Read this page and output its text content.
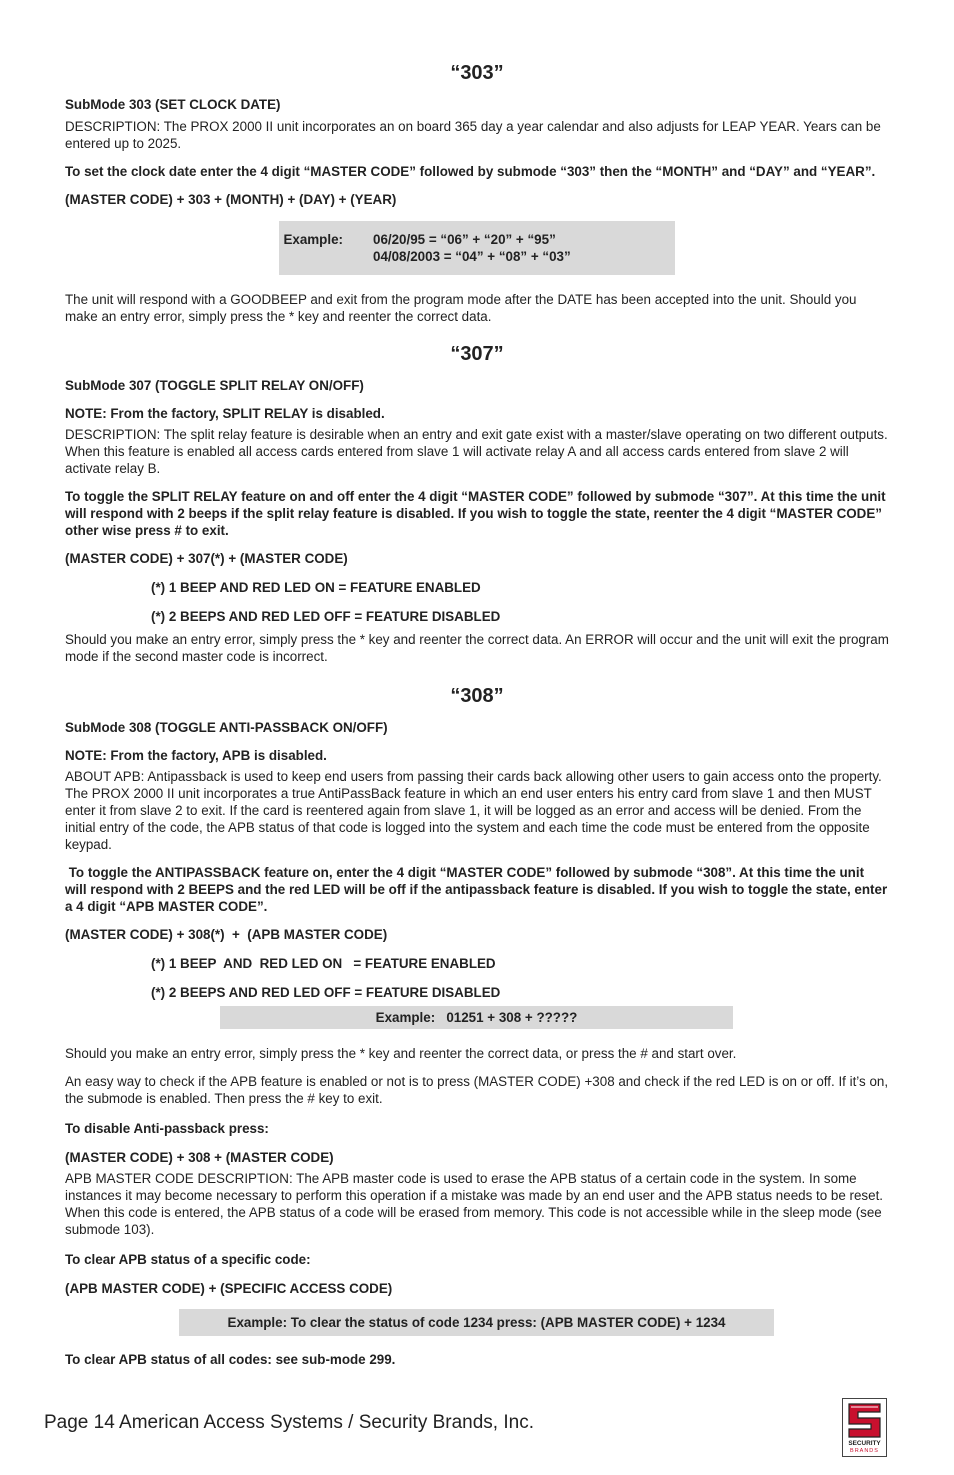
“303”
SubMode 303 (SET CLOCK DATE)
DESCRIPTION: The PROX 2000 II unit incorporates an on board 365 day a year calendar and also adjusts for LEAP YEAR. Years can be entered up to 2025.
To set the clock date enter the 4 digit “MASTER CODE” followed by submode “303” then the “MONTH” and “DAY” and “YEAR”.
(MASTER CODE) + 303 + (MONTH) + (DAY) + (YEAR)
Example:	06/20/95 = “06” + “20” + “95”
04/08/2003 = “04” + “08” + “03”
The unit will respond with a GOODBEEP and exit from the program mode after the DATE has been accepted into the unit. Should you make an entry error, simply press the * key and reenter the correct data.
“307”
SubMode 307 (TOGGLE SPLIT RELAY ON/OFF)
NOTE: From the factory, SPLIT RELAY is disabled.
DESCRIPTION: The split relay feature is desirable when an entry and exit gate exist with a master/slave operating on two different outputs. When this feature is enabled all access cards entered from slave 1 will activate relay A and all access cards entered from slave 2 will activate relay B.
To toggle the SPLIT RELAY feature on and off enter the 4 digit “MASTER CODE” followed by submode “307”. At this time the unit will respond with 2 beeps if the split relay feature is disabled. If you wish to toggle the state, reenter the 4 digit “MASTER CODE” other wise press # to exit.
(MASTER CODE) + 307(*) + (MASTER CODE)
(*) 1 BEEP AND RED LED ON = FEATURE ENABLED
(*) 2 BEEPS AND RED LED OFF = FEATURE DISABLED
Should you make an entry error, simply press the * key and reenter the correct data. An ERROR will occur and the unit will exit the program mode if the second master code is incorrect.
“308”
SubMode 308 (TOGGLE ANTI-PASSBACK ON/OFF)
NOTE: From the factory, APB is disabled.
ABOUT APB: Antipassback is used to keep end users from passing their cards back allowing other users to gain access onto the property. The PROX 2000 II unit incorporates a true AntiPassBack feature in which an end user enters his entry card from slave 1 and then MUST enter it from slave 2 to exit. If the card is reentered again from slave 1, it will be logged as an error and access will be denied. From the initial entry of the code, the APB status of that code is logged into the system and each time the code must be entered from the opposite keypad.
To toggle the ANTIPASSBACK feature on, enter the 4 digit “MASTER CODE” followed by submode “308”. At this time the unit will respond with 2 BEEPS and the red LED will be off if the antipassback feature is disabled. If you wish to toggle the state, enter a 4 digit “APB MASTER CODE”.
(MASTER CODE) + 308(*)  +  (APB MASTER CODE)
(*) 1 BEEP  AND  RED LED ON   = FEATURE ENABLED
(*) 2 BEEPS AND RED LED OFF = FEATURE DISABLED
Example:   01251 + 308 + ?????
Should you make an entry error, simply press the * key and reenter the correct data, or press the # and start over.
An easy way to check if the APB feature is enabled or not is to press (MASTER CODE) +308 and check if the red LED is on or off. If it’s on, the submode is enabled. Then press the # key to exit.
To disable Anti-passback press:
(MASTER CODE) + 308 + (MASTER CODE)
APB MASTER CODE DESCRIPTION: The APB master code is used to erase the APB status of a certain code in the system. In some instances it may become necessary to perform this operation if a mistake was made by an end user and the APB status needs to be reset. When this code is entered, the APB status of a code will be erased from memory. This code is not accessible while in the sleep mode (see submode 103).
To clear APB status of a specific code:
(APB MASTER CODE) + (SPECIFIC ACCESS CODE)
Example: To clear the status of code 1234 press: (APB MASTER CODE) + 1234
To clear APB status of all codes: see sub-mode 299.
Page 14 American Access Systems / Security Brands, Inc.
SECURITY
BRANDS
